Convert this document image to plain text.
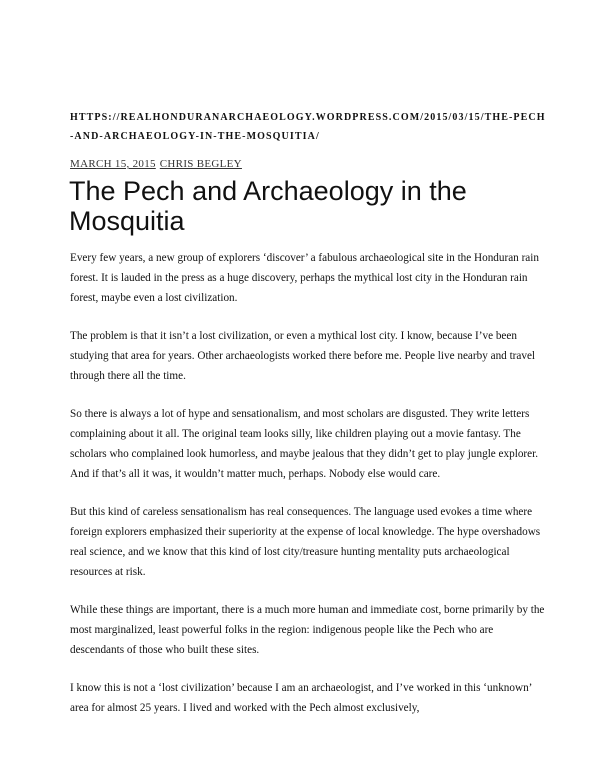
HTTPS://REALHONDURANARCHAEOLOGY.WORDPRESS.COM/2015/03/15/THE-PECH-AND-ARCHAEOLOGY-IN-THE-MOSQUITIA/
MARCH 15, 2015 CHRIS BEGLEY
The Pech and Archaeology in the Mosquitia

Every few years, a new group of explorers ‘discover’ a fabulous archaeological site in the Honduran rain forest. It is lauded in the press as a huge discovery, perhaps the mythical lost city in the Honduran rain forest, maybe even a lost civilization.

The problem is that it isn’t a lost civilization, or even a mythical lost city. I know, because I’ve been studying that area for years. Other archaeologists worked there before me. People live nearby and travel through there all the time.

So there is always a lot of hype and sensationalism, and most scholars are disgusted. They write letters complaining about it all. The original team looks silly, like children playing out a movie fantasy. The scholars who complained look humorless, and maybe jealous that they didn’t get to play jungle explorer. And if that’s all it was, it wouldn’t matter much, perhaps. Nobody else would care.

But this kind of careless sensationalism has real consequences. The language used evokes a time where foreign explorers emphasized their superiority at the expense of local knowledge. The hype overshadows real science, and we know that this kind of lost city/treasure hunting mentality puts archaeological resources at risk.

While these things are important, there is a much more human and immediate cost, borne primarily by the most marginalized, least powerful folks in the region: indigenous people like the Pech who are descendants of those who built these sites.

I know this is not a ‘lost civilization’ because I am an archaeologist, and I’ve worked in this ‘unknown’ area for almost 25 years. I lived and worked with the Pech almost exclusively,
